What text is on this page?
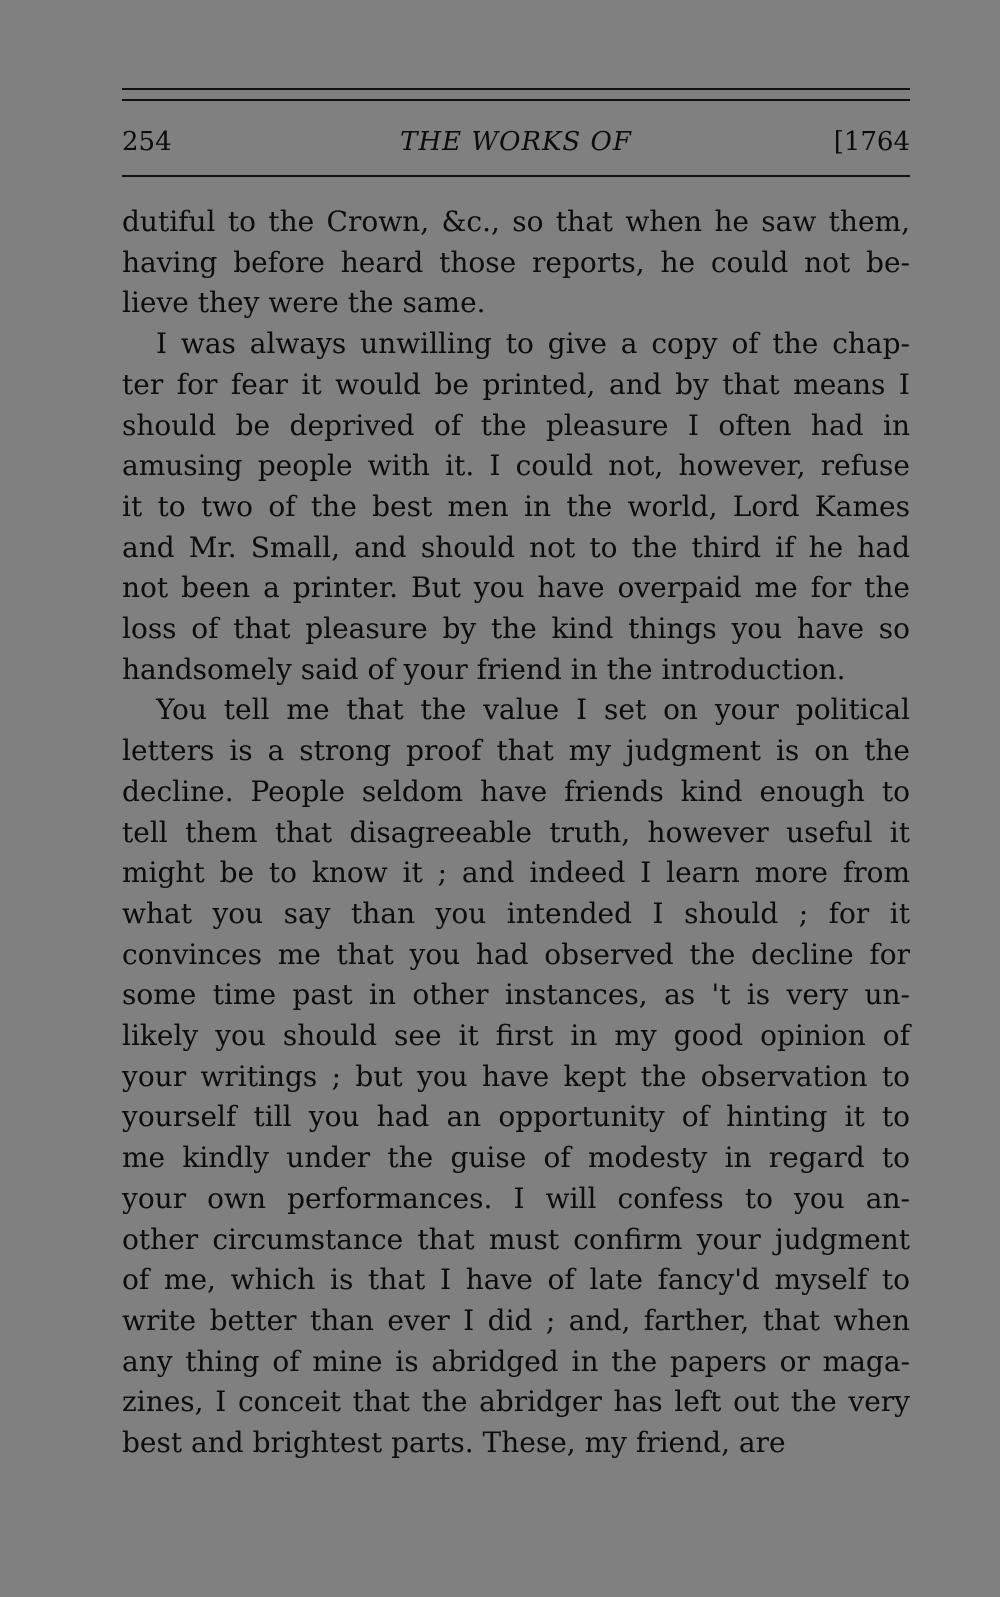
254	THE WORKS OF	[1764
dutiful to the Crown, &c., so that when he saw them,
having before heard those reports, he could not be-
lieve they were the same.
I was always unwilling to give a copy of the chap-
ter for fear it would be printed, and by that means I
should be deprived of the pleasure I often had in
amusing people with it. I could not, however, refuse
it to two of the best men in the world, Lord Kames
and Mr. Small, and should not to the third if he had
not been a printer. But you have overpaid me for the
loss of that pleasure by the kind things you have so
handsomely said of your friend in the introduction.
You tell me that the value I set on your political
letters is a strong proof that my judgment is on the
decline. People seldom have friends kind enough to
tell them that disagreeable truth, however useful it
might be to know it ; and indeed I learn more from
what you say than you intended I should ; for it
convinces me that you had observed the decline for
some time past in other instances, as 't is very un-
likely you should see it first in my good opinion of
your writings ; but you have kept the observation to
yourself till you had an opportunity of hinting it to
me kindly under the guise of modesty in regard to
your own performances. I will confess to you an-
other circumstance that must confirm your judgment
of me, which is that I have of late fancy'd myself to
write better than ever I did ; and, farther, that when
any thing of mine is abridged in the papers or maga-
zines, I conceit that the abridger has left out the very
best and brightest parts. These, my friend, are
